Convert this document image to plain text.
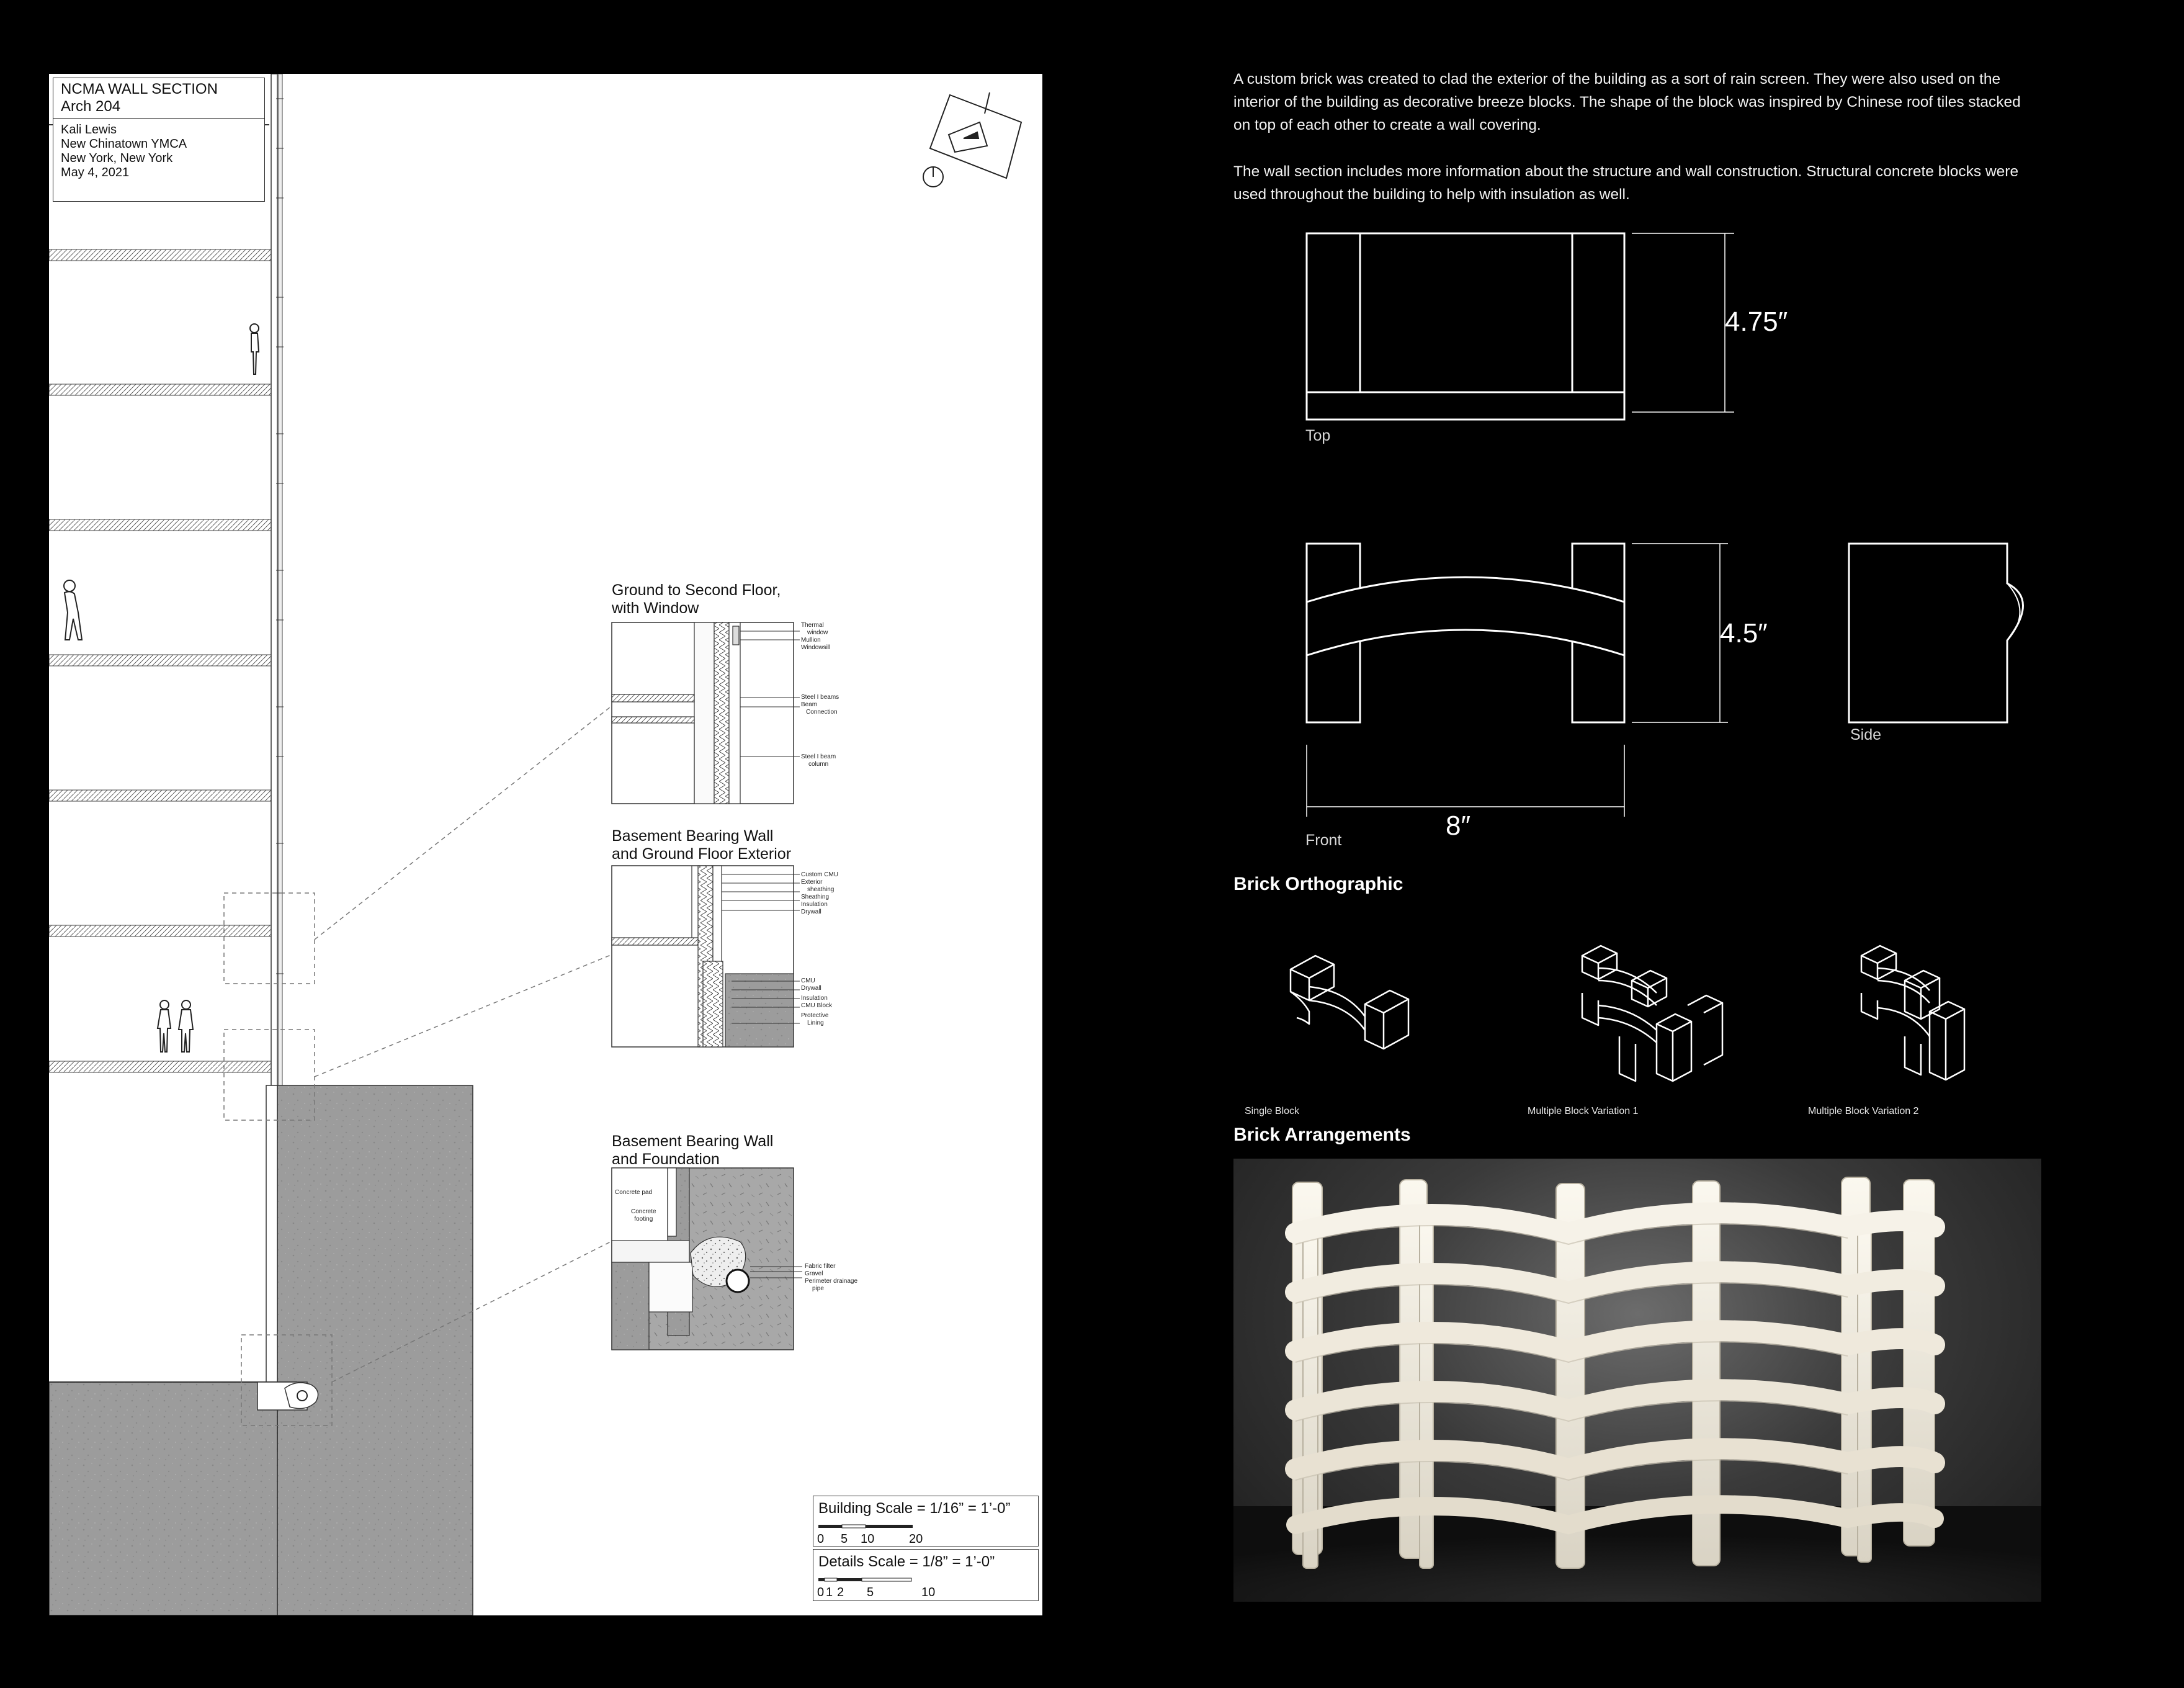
NCMA WALL SECTION
Arch 204
Kali Lewis
New Chinatown YMCA
New York, New York
May 4, 2021
Ground to Second Floor,
with Window
Basement Bearing Wall
and Ground Floor Exterior
Basement Bearing Wall
and Foundation
Thermal
window
Mullion
Windowsill
Steel I beams
Beam
Connection
Steel I beam
column
Custom CMU
Exterior
sheathing
Sheathing
Insulation
Drywall
CMU
Drywall
Insulation
CMU Block
Protective
Lining
Concrete pad
Concrete
footing
Fabric filter
Gravel
Perimeter drainage
pipe
Building Scale = 1/16” = 1’-0”
0 5 10	20
Details Scale = 1/8” = 1’-0”
0 1 2 5	10
A custom brick was created to clad the exterior of the building as a sort of rain screen. They were also used on the interior of the building as decorative breeze blocks. The shape of the block was inspired by Chinese roof tiles stacked on top of each other to create a wall covering.
The wall section includes more information about the structure and wall construction. Structural concrete blocks were used throughout the building to help with insulation as well.
4.75″
Top
4.5″
8″
Front
Side
Brick Orthographic
Single Block	Multiple Block Variation 1	Multiple Block Variation 2
Brick Arrangements
